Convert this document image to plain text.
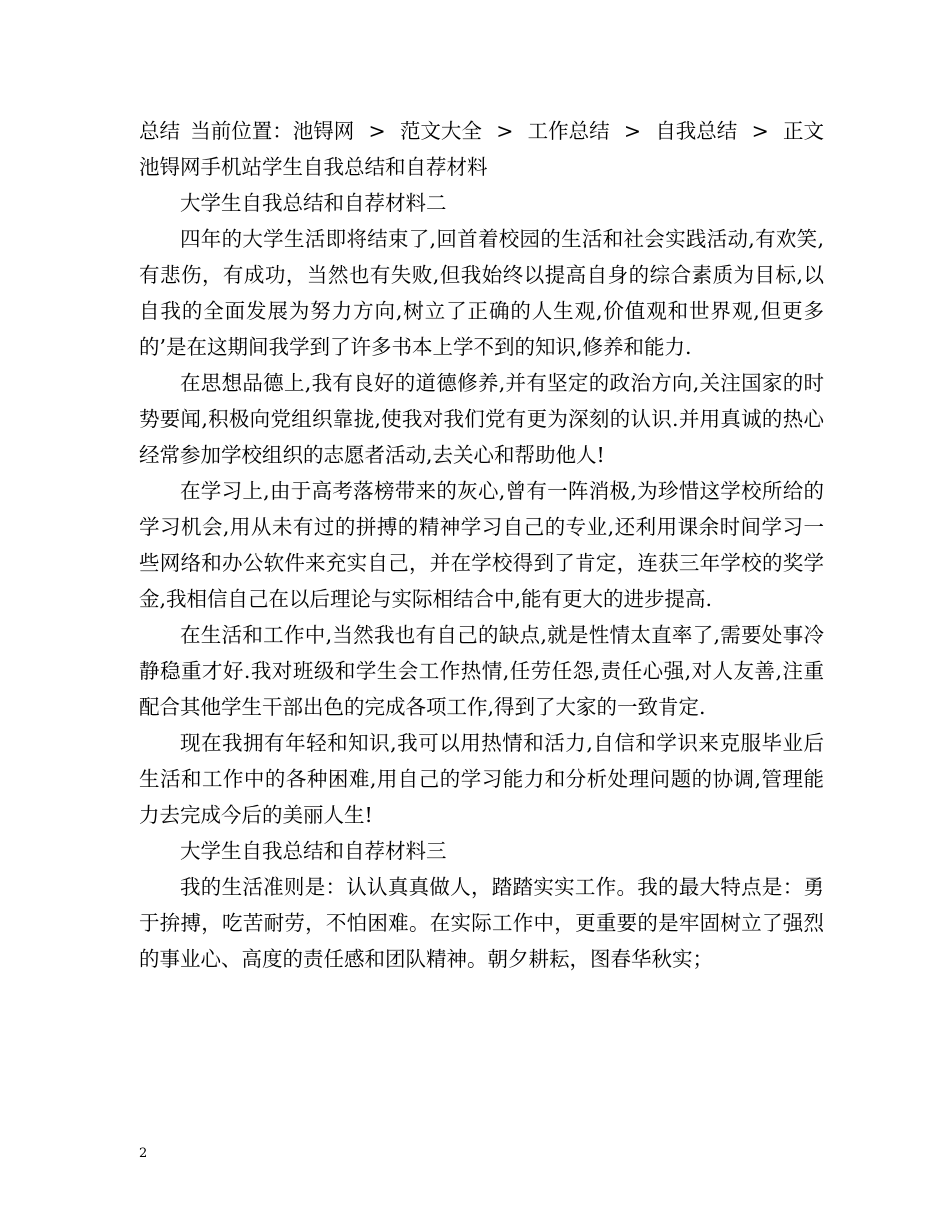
总结 当前位置：池锝网 > 范文大全 > 工作总结 > 自我总结 > 正文
池锝网手机站学生自我总结和自荐材料
大学生自我总结和自荐材料二
四年的大学生活即将结束了,回首着校园的生活和社会实践活动,有欢笑,有悲伤，有成功，当然也有失败,但我始终以提高自身的综合素质为目标,以自我的全面发展为努力方向,树立了正确的人生观,价值观和世界观,但更多的’是在这期间我学到了许多书本上学不到的知识,修养和能力.
在思想品德上,我有良好的道德修养,并有坚定的政治方向,关注国家的时势要闻,积极向党组织靠拢,使我对我们党有更为深刻的认识.并用真诚的热心经常参加学校组织的志愿者活动,去关心和帮助他人!
在学习上,由于高考落榜带来的灰心,曾有一阵消极,为珍惜这学校所给的学习机会,用从未有过的拼搏的精神学习自己的专业,还利用课余时间学习一些网络和办公软件来充实自己，并在学校得到了肯定，连获三年学校的奖学金,我相信自己在以后理论与实际相结合中,能有更大的进步提高.
在生活和工作中,当然我也有自己的缺点,就是性情太直率了,需要处事冷静稳重才好.我对班级和学生会工作热情,任劳任怨,责任心强,对人友善,注重配合其他学生干部出色的完成各项工作,得到了大家的一致肯定.
现在我拥有年轻和知识,我可以用热情和活力,自信和学识来克服毕业后生活和工作中的各种困难,用自己的学习能力和分析处理问题的协调,管理能力去完成今后的美丽人生!
大学生自我总结和自荐材料三
我的生活准则是：认认真真做人，踏踏实实工作。我的最大特点是：勇于拚搏，吃苦耐劳，不怕困难。在实际工作中，更重要的是牢固树立了强烈的事业心、高度的责任感和团队精神。朝夕耕耘，图春华秋实；
2
